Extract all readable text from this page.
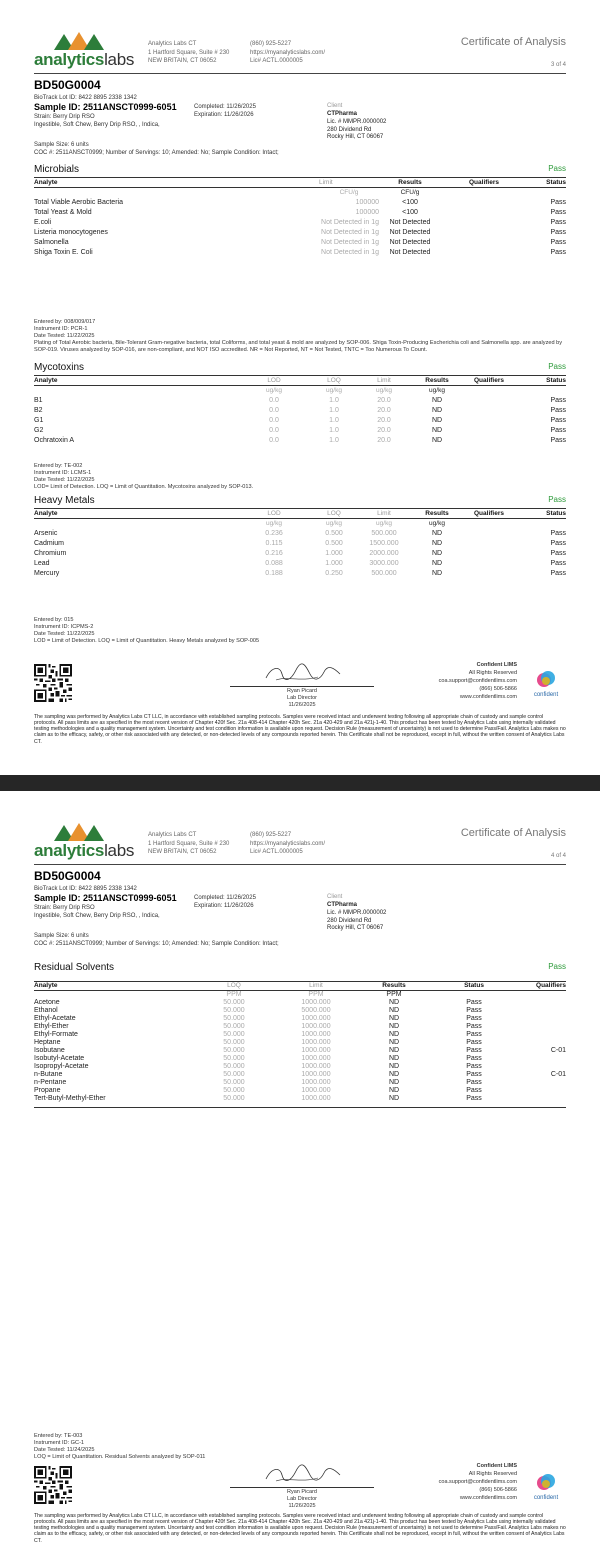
analyticslabs
Analytics Labs CT
1 Hartford Square, Suite # 230
NEW BRITAIN, CT 06052
(860) 925-5227
https://myanalyticslabs.com/
Lic# ACTL.0000005
Certificate of Analysis
3 of 4
BD50G0004
BioTrack Lot ID: 8422 8895 2338 1342
Sample ID: 2511ANSCT0999-6051	Completed: 11/26/2025
Expiration: 11/26/2026
Strain: Berry Drip RSO
Ingestible, Soft Chew, Berry Drip RSO, , Indica,
Client
CTPharma
Lic. # MMPR.0000002
280 Dividend Rd
Rocky Hill, CT 06067
Sample Size: 6 units
COC #: 2511ANSCT0999; Number of Servings: 10; Amended: No; Sample Condition: Intact;
Microbials	Pass
Analyte	Limit	Results	Qualifiers	Status
CFU/g	CFU/g
Total Viable Aerobic Bacteria	100000	<100	Pass
Total Yeast & Mold	100000	<100	Pass
E.coli	Not Detected in 1g	Not Detected	Pass
Listeria monocytogenes	Not Detected in 1g	Not Detected	Pass
Salmonella	Not Detected in 1g	Not Detected	Pass
Shiga Toxin E. Coli	Not Detected in 1g	Not Detected	Pass
Entered by: 008/009/017
Instrument ID: PCR-1
Date Tested: 11/22/2025
Plating of Total Aerobic bacteria, Bile-Tolerant Gram-negative bacteria, total Coliforms, and total yeast & mold are analyzed by SOP-006. Shiga Toxin-Producing Escherichia coli and Salmonella spp. are analyzed by SOP-019. Viruses analyzed by SOP-016, are non-compliant, and NOT ISO accredited. NR = Not Reported, NT = Not Tested, TNTC = Too Numerous To Count.
Mycotoxins	Pass
Analyte	LOD	LOQ	Limit	Results	Qualifiers	Status
ug/kg	ug/kg	ug/kg	ug/kg
B1	0.0	1.0	20.0	ND	Pass
B2	0.0	1.0	20.0	ND	Pass
G1	0.0	1.0	20.0	ND	Pass
G2	0.0	1.0	20.0	ND	Pass
Ochratoxin A	0.0	1.0	20.0	ND	Pass
Entered by: TE-002
Instrument ID: LCMS-1
Date Tested: 11/22/2025
LOD= Limit of Detection. LOQ = Limit of Quantitation. Mycotoxins analyzed by SOP-013.
Heavy Metals	Pass
Analyte	LOD	LOQ	Limit	Results	Qualifiers	Status
ug/kg	ug/kg	ug/kg	ug/kg
Arsenic	0.236	0.500	500.000	ND	Pass
Cadmium	0.115	0.500	1500.000	ND	Pass
Chromium	0.216	1.000	2000.000	ND	Pass
Lead	0.088	1.000	3000.000	ND	Pass
Mercury	0.188	0.250	500.000	ND	Pass
Entered by: 015
Instrument ID: ICPMS-2
Date Tested: 11/22/2025
LOD = Limit of Detection. LOQ = Limit of Quantitation. Heavy Metals analyzed by SOP-005
Ryan Picard
Lab Director
11/26/2025
Confident LIMS
All Rights Reserved
coa.support@confidentlims.com
(866) 506-5866
www.confidentlims.com	confident
The sampling was performed by Analytics Labs CT LLC, in accordance with established sampling protocols. Samples were received intact and underwent testing following all appropriate chain of custody and sample control protocols. All pass limits are as specified in the most recent version of Chapter 420f Sec. 21a 408-414 Chapter 420h Sec. 21a 420-429 and 21a 421j-1-40. This product has been tested by Analytics Labs using internally validated testing methodologies and a quality management system. Uncertainty and test condition information is available upon request. Decision Rule (measurement of uncertainty) is not used to determine Pass/Fail. Analytics Labs makes no claim as to the efficacy, safety, or other risk associated with any detected, or non-detected levels of any compounds reported herein. This Certificate shall not be reproduced, except in full, without the written consent of Analytics Labs CT.
analyticslabs
Analytics Labs CT
1 Hartford Square, Suite # 230
NEW BRITAIN, CT 06052
(860) 925-5227
https://myanalyticslabs.com/
Lic# ACTL.0000005
Certificate of Analysis
4 of 4
BD50G0004
BioTrack Lot ID: 8422 8895 2338 1342
Sample ID: 2511ANSCT0999-6051	Completed: 11/26/2025
Expiration: 11/26/2026
Strain: Berry Drip RSO
Ingestible, Soft Chew, Berry Drip RSO, , Indica,
Client
CTPharma
Lic. # MMPR.0000002
280 Dividend Rd
Rocky Hill, CT 06067
Sample Size: 6 units
COC #: 2511ANSCT0999; Number of Servings: 10; Amended: No; Sample Condition: Intact;
Residual Solvents	Pass
Analyte	LOQ	Limit	Results	Status	Qualifiers
PPM	PPM	PPM
Acetone	50.000	1000.000	ND	Pass
Ethanol	50.000	5000.000	ND	Pass
Ethyl-Acetate	50.000	1000.000	ND	Pass
Ethyl-Ether	50.000	1000.000	ND	Pass
Ethyl-Formate	50.000	1000.000	ND	Pass
Heptane	50.000	1000.000	ND	Pass
Isobutane	50.000	1000.000	ND	Pass	C-01
Isobutyl-Acetate	50.000	1000.000	ND	Pass
Isopropyl-Acetate	50.000	1000.000	ND	Pass
n-Butane	50.000	1000.000	ND	Pass	C-01
n-Pentane	50.000	1000.000	ND	Pass
Propane	50.000	1000.000	ND	Pass
Tert-Butyl-Methyl-Ether	50.000	1000.000	ND	Pass
Entered by: TE-003
Instrument ID: GC-1
Date Tested: 11/24/2025
LOQ = Limit of Quantitation. Residual Solvents analyzed by SOP-011
Ryan Picard
Lab Director
11/26/2025
Confident LIMS
All Rights Reserved
coa.support@confidentlims.com
(866) 506-5866
www.confidentlims.com	confident
The sampling was performed by Analytics Labs CT LLC, in accordance with established sampling protocols. Samples were received intact and underwent testing following all appropriate chain of custody and sample control protocols. All pass limits are as specified in the most recent version of Chapter 420f Sec. 21a 408-414 Chapter 420h Sec. 21a 420-429 and 21a 421j-1-40. This product has been tested by Analytics Labs using internally validated testing methodologies and a quality management system. Uncertainty and test condition information is available upon request. Decision Rule (measurement of uncertainty) is not used to determine Pass/Fail. Analytics Labs makes no claim as to the efficacy, safety, or other risk associated with any detected, or non-detected levels of any compounds reported herein. This Certificate shall not be reproduced, except in full, without the written consent of Analytics Labs CT.
